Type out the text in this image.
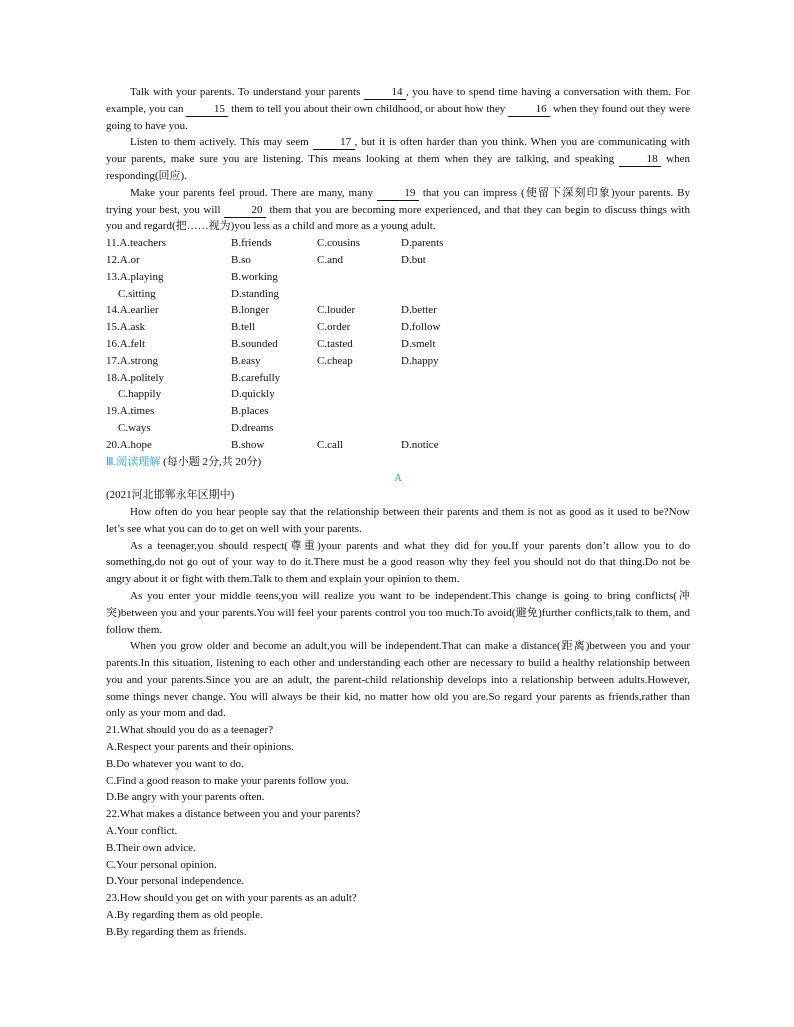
Talk with your parents. To understand your parents	14 , you have to spend time having a conversation with them. For example, you can	15 them to tell you about their own childhood, or about how they	16 when they found out they were going to have you.

Listen to them actively. This may seem	17 , but it is often harder than you think. When you are communicating with your parents, make sure you are listening. This means looking at them when they are talking, and speaking	18 when responding(回应).

Make your parents feel proud. There are many, many	19 that you can impress (使留下深刻印象)your parents. By trying your best, you will	20 them that you are becoming more experienced, and that they can begin to discuss things with you and regard(把……视为)you less as a child and more as a young adult.

11.A.teachers	B.friends	C.cousins	D.parents
12.A.or	B.so	C.and	D.but
13.A.playing	B.working
C.sitting	D.standing
14.A.earlier	B.longer	C.louder	D.better
15.A.ask	B.tell	C.order	D.follow
16.A.felt	B.sounded	C.tasted	D.smelt
17.A.strong	B.easy	C.cheap	D.happy
18.A.politely	B.carefully
C.happily	D.quickly
19.A.times	B.places
C.ways	D.dreams
20.A.hope	B.show	C.call	D.notice

Ⅲ.阅读理解 (每小题 2分,共 20分)

A

(2021河北邯郸永年区期中)

How often do you hear people say that the relationship between their parents and them is not as good as it used to be?Now let’s see what you can do to get on well with your parents.

As a teenager,you should respect(尊重)your parents and what they did for you.If your parents don’t allow you to do something,do not go out of your way to do it.There must be a good reason why they feel you should not do that thing.Do not be angry about it or fight with them.Talk to them and explain your opinion to them.

As you enter your middle teens,you will realize you want to be independent.This change is going to bring conflicts(冲突)between you and your parents.You will feel your parents control you too much.To avoid(避免)further conflicts,talk to them, and follow them.

When you grow older and become an adult,you will be independent.That can make a distance(距离)between you and your parents.In this situation, listening to each other and understanding each other are necessary to build a healthy relationship between you and your parents.Since you are an adult, the parent-child relationship develops into a relationship between adults.However, some things never change. You will always be their kid, no matter how old you are.So regard your parents as friends,rather than only as your mom and dad.

21.What should you do as a teenager?

A.Respect your parents and their opinions.

B.Do whatever you want to do.

C.Find a good reason to make your parents follow you.

D.Be angry with your parents often.

22.What makes a distance between you and your parents?

A.Your conflict.

B.Their own advice.

C.Your personal opinion.

D.Your personal independence.

23.How should you get on with your parents as an adult?

A.By regarding them as old people.

B.By regarding them as friends.
